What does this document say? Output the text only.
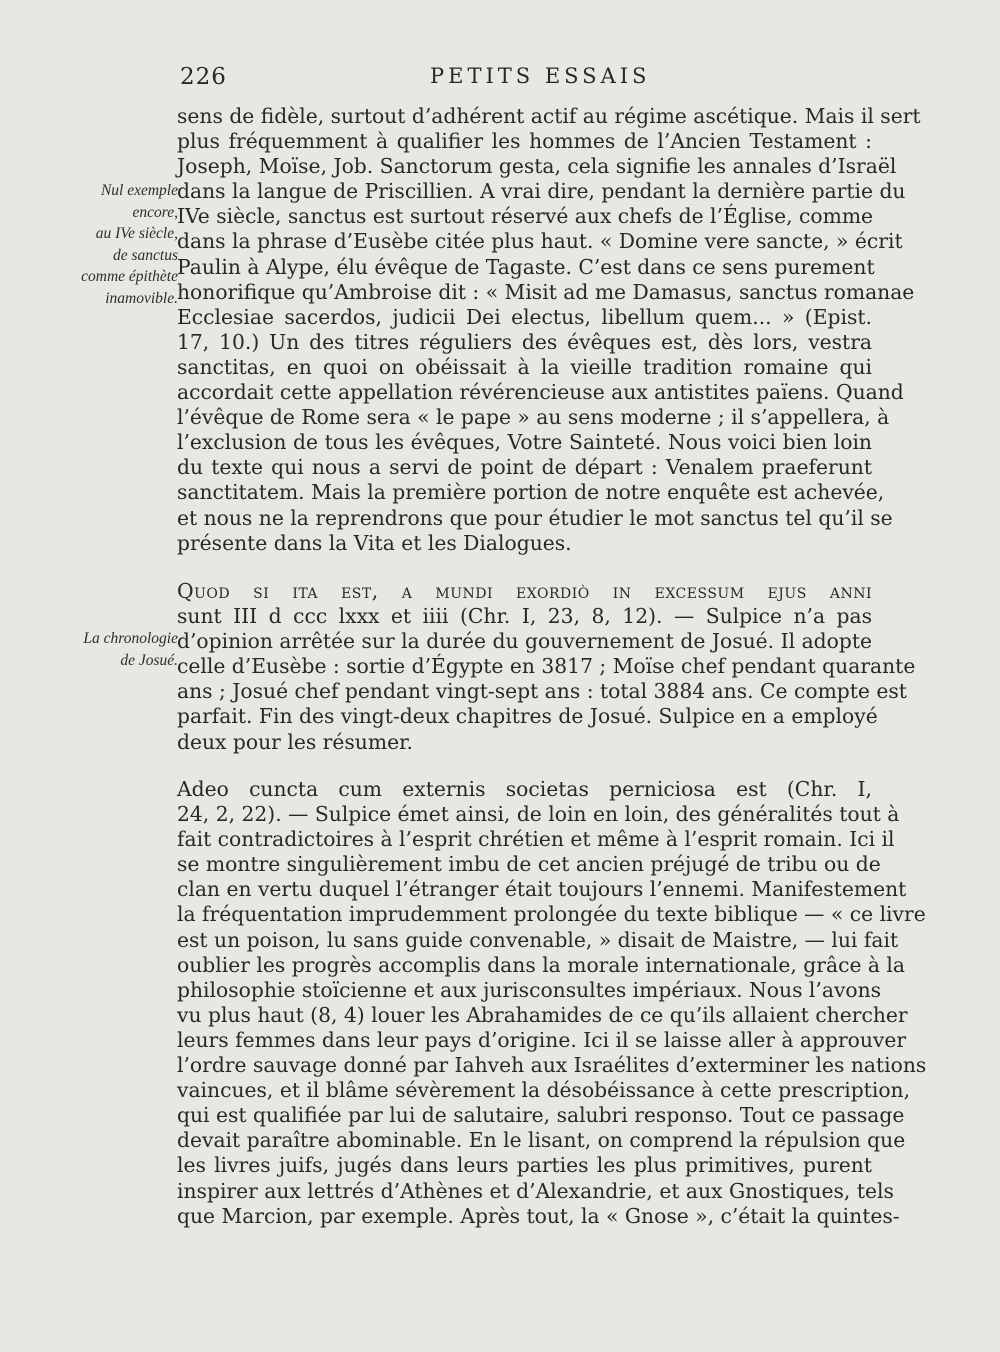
226	PETITS ESSAIS
Nul exemple
encore,
au IVe siècle,
de sanctus
comme épithète
inamovible.
La chronologie
de Josué.
sens de fidèle, surtout d’adhérent actif au régime ascétique. Mais il sert
plus fréquemment à qualifier les hommes de l’Ancien Testament :
Joseph, Moïse, Job. Sanctorum gesta, cela signifie les annales d’Israël
dans la langue de Priscillien. A vrai dire, pendant la dernière partie du
IVe siècle, sanctus est surtout réservé aux chefs de l’Église, comme
dans la phrase d’Eusèbe citée plus haut. « Domine vere sancte, » écrit
Paulin à Alype, élu évêque de Tagaste. C’est dans ce sens purement
honorifique qu’Ambroise dit : « Misit ad me Damasus, sanctus romanae
Ecclesiae sacerdos, judicii Dei electus, libellum quem... » (Epist.
17, 10.) Un des titres réguliers des évêques est, dès lors, vestra
sanctitas, en quoi on obéissait à la vieille tradition romaine qui
accordait cette appellation révérencieuse aux antistites païens. Quand
l’évêque de Rome sera « le pape » au sens moderne ; il s’appellera, à
l’exclusion de tous les évêques, Votre Sainteté. Nous voici bien loin
du texte qui nous a servi de point de départ : Venalem praeferunt
sanctitatem. Mais la première portion de notre enquête est achevée,
et nous ne la reprendrons que pour étudier le mot sanctus tel qu’il se
présente dans la Vita et les Dialogues.
Quod si ita est, a mundi exordiò in excessum ejus anni
sunt III d ccc lxxx et iiii (Chr. I, 23, 8, 12). — Sulpice n’a pas
d’opinion arrêtée sur la durée du gouvernement de Josué. Il adopte
celle d’Eusèbe : sortie d’Égypte en 3817 ; Moïse chef pendant quarante
ans ; Josué chef pendant vingt-sept ans : total 3884 ans. Ce compte est
parfait. Fin des vingt-deux chapitres de Josué. Sulpice en a employé
deux pour les résumer.
Adeo cuncta cum externis societas perniciosa est (Chr. I,
24, 2, 22). — Sulpice émet ainsi, de loin en loin, des généralités tout à
fait contradictoires à l’esprit chrétien et même à l’esprit romain. Ici il
se montre singulièrement imbu de cet ancien préjugé de tribu ou de
clan en vertu duquel l’étranger était toujours l’ennemi. Manifestement
la fréquentation imprudemment prolongée du texte biblique — « ce livre
est un poison, lu sans guide convenable, » disait de Maistre, — lui fait
oublier les progrès accomplis dans la morale internationale, grâce à la
philosophie stoïcienne et aux jurisconsultes impériaux. Nous l’avons
vu plus haut (8, 4) louer les Abrahamides de ce qu’ils allaient chercher
leurs femmes dans leur pays d’origine. Ici il se laisse aller à approuver
l’ordre sauvage donné par Iahveh aux Israélites d’exterminer les nations
vaincues, et il blâme sévèrement la désobéissance à cette prescription,
qui est qualifiée par lui de salutaire, salubri responso. Tout ce passage
devait paraître abominable. En le lisant, on comprend la répulsion que
les livres juifs, jugés dans leurs parties les plus primitives, purent
inspirer aux lettrés d’Athènes et d’Alexandrie, et aux Gnostiques, tels
que Marcion, par exemple. Après tout, la « Gnose », c’était la quintes-
